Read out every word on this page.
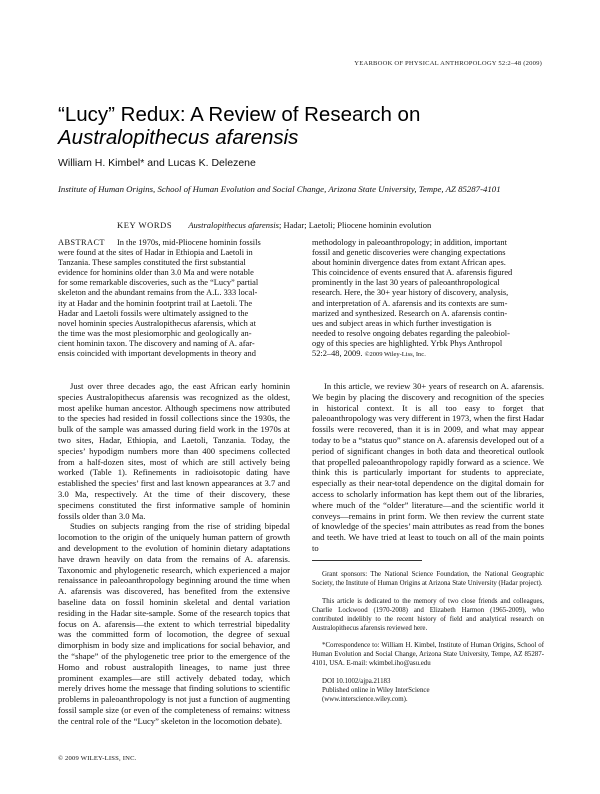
YEARBOOK OF PHYSICAL ANTHROPOLOGY 52:2–48 (2009)
“Lucy” Redux: A Review of Research on
Australopithecus afarensis
William H. Kimbel* and Lucas K. Delezene
Institute of Human Origins, School of Human Evolution and Social Change, Arizona State University, Tempe, AZ 85287-4101
KEY WORDS Australopithecus afarensis; Hadar; Laetoli; Pliocene hominin evolution
ABSTRACT In the 1970s, mid-Pliocene hominin fossils
were found at the sites of Hadar in Ethiopia and Laetoli in
Tanzania. These samples constituted the first substantial
evidence for hominins older than 3.0 Ma and were notable
for some remarkable discoveries, such as the “Lucy” partial
skeleton and the abundant remains from the A.L. 333 local-
ity at Hadar and the hominin footprint trail at Laetoli. The
Hadar and Laetoli fossils were ultimately assigned to the
novel hominin species Australopithecus afarensis, which at
the time was the most plesiomorphic and geologically an-
cient hominin taxon. The discovery and naming of A. afar-
ensis coincided with important developments in theory and
methodology in paleoanthropology; in addition, important
fossil and genetic discoveries were changing expectations
about hominin divergence dates from extant African apes.
This coincidence of events ensured that A. afarensis figured
prominently in the last 30 years of paleoanthropological
research. Here, the 30+ year history of discovery, analysis,
and interpretation of A. afarensis and its contexts are sum-
marized and synthesized. Research on A. afarensis contin-
ues and subject areas in which further investigation is
needed to resolve ongoing debates regarding the paleobiol-
ogy of this species are highlighted. Yrbk Phys Anthropol
52:2–48, 2009. ©2009 Wiley-Liss, Inc.

Just over three decades ago, the east African early hominin species Australopithecus afarensis was recognized as the oldest, most apelike human ancestor. Although specimens now attributed to the species had resided in fossil collections since the 1930s, the bulk of the sample was amassed during field work in the 1970s at two sites, Hadar, Ethiopia, and Laetoli, Tanzania. Today, the species’ hypodigm numbers more than 400 specimens collected from a half-dozen sites, most of which are still actively being worked (Table 1). Refinements in radioisotopic dating have established the species’ first and last known appearances at 3.7 and 3.0 Ma, respectively. At the time of their discovery, these specimens constituted the first informative sample of hominin fossils older than 3.0 Ma.

Studies on subjects ranging from the rise of striding bipedal locomotion to the origin of the uniquely human pattern of growth and development to the evolution of hominin dietary adaptations have drawn heavily on data from the remains of A. afarensis. Taxonomic and phylogenetic research, which experienced a major renaissance in paleoanthropology beginning around the time when A. afarensis was discovered, has benefited from the extensive baseline data on fossil hominin skeletal and dental variation residing in the Hadar site-sample. Some of the research topics that focus on A. afarensis—the extent to which terrestrial bipedality was the committed form of locomotion, the degree of sexual dimorphism in body size and implications for social behavior, and the “shape” of the phylogenetic tree prior to the emergence of the Homo and robust australopith lineages, to name just three prominent examples—are still actively debated today, which merely drives home the message that finding solutions to scientific problems in paleoanthropology is not just a function of augmenting fossil sample size (or even of the completeness of remains: witness the central role of the “Lucy” skeleton in the locomotion debate).

In this article, we review 30+ years of research on A. afarensis. We begin by placing the discovery and recognition of the species in historical context. It is all too easy to forget that paleoanthropology was very different in 1973, when the first Hadar fossils were recovered, than it is in 2009, and what may appear today to be a “status quo” stance on A. afarensis developed out of a period of significant changes in both data and theoretical outlook that propelled paleoanthropology rapidly forward as a science. We think this is particularly important for students to appreciate, especially as their near-total dependence on the digital domain for access to scholarly information has kept them out of the libraries, where much of the “older” literature—and the scientific world it conveys—remains in print form. We then review the current state of knowledge of the species’ main attributes as read from the bones and teeth. We have tried at least to touch on all of the main points to

Grant sponsors: The National Science Foundation, the National Geographic Society, the Institute of Human Origins at Arizona State University (Hadar project).

This article is dedicated to the memory of two close friends and colleagues, Charlie Lockwood (1970-2008) and Elizabeth Harmon (1965-2009), who contributed indelibly to the recent history of field and analytical research on Australopithecus afarensis reviewed here.

*Correspondence to: William H. Kimbel, Institute of Human Origins, School of Human Evolution and Social Change, Arizona State University, Tempe, AZ 85287-4101, USA. E-mail: wkimbel.iho@asu.edu

DOI 10.1002/ajpa.21183
Published online in Wiley InterScience
(www.interscience.wiley.com).
© 2009 WILEY-LISS, INC.
